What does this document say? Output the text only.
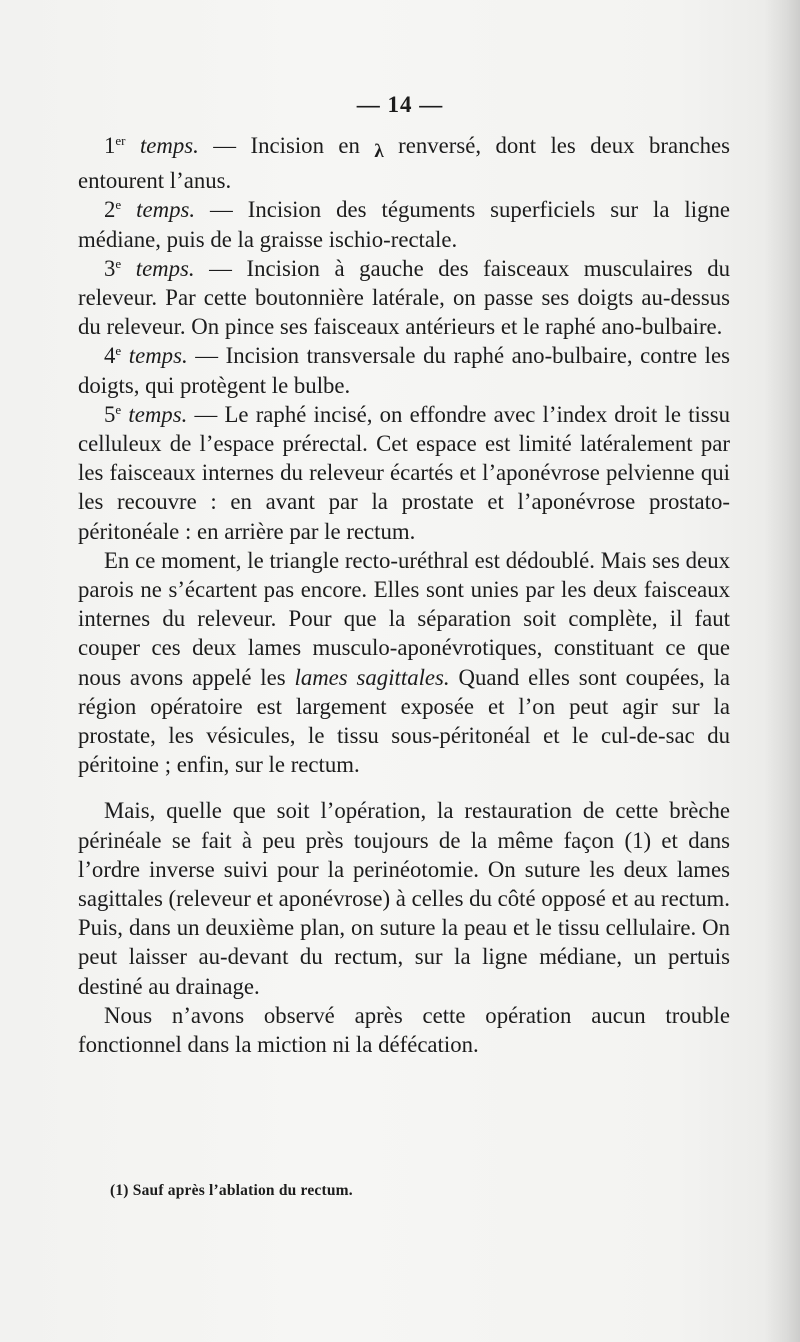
— 14 —

1er temps. — Incision en λ renversé, dont les deux branches entourent l’anus.

2e temps. — Incision des téguments superficiels sur la ligne médiane, puis de la graisse ischio-rectale.

3e temps. — Incision à gauche des faisceaux musculaires du releveur. Par cette boutonnière latérale, on passe ses doigts au-dessus du releveur. On pince ses faisceaux antérieurs et le raphé ano-bulbaire.

4e temps. — Incision transversale du raphé ano-bulbaire, contre les doigts, qui protègent le bulbe.

5e temps. — Le raphé incisé, on effondre avec l’index droit le tissu celluleux de l’espace prérectal. Cet espace est limité latéralement par les faisceaux internes du releveur écartés et l’aponévrose pelvienne qui les recouvre : en avant par la prostate et l’aponévrose prostato-péritonéale : en arrière par le rectum.

En ce moment, le triangle recto-uréthral est dédoublé. Mais ses deux parois ne s’écartent pas encore. Elles sont unies par les deux faisceaux internes du releveur. Pour que la séparation soit complète, il faut couper ces deux lames musculo-aponévrotiques, constituant ce que nous avons appelé les lames sagittales. Quand elles sont coupées, la région opératoire est largement exposée et l’on peut agir sur la prostate, les vésicules, le tissu sous-péritonéal et le cul-de-sac du péritoine ; enfin, sur le rectum.

Mais, quelle que soit l’opération, la restauration de cette brèche périnéale se fait à peu près toujours de la même façon (1) et dans l’ordre inverse suivi pour la perinéotomie. On suture les deux lames sagittales (releveur et aponévrose) à celles du côté opposé et au rectum. Puis, dans un deuxième plan, on suture la peau et le tissu cellulaire. On peut laisser au-devant du rectum, sur la ligne médiane, un pertuis destiné au drainage.

Nous n’avons observé après cette opération aucun trouble fonctionnel dans la miction ni la défécation.

(1) Sauf après l’ablation du rectum.
